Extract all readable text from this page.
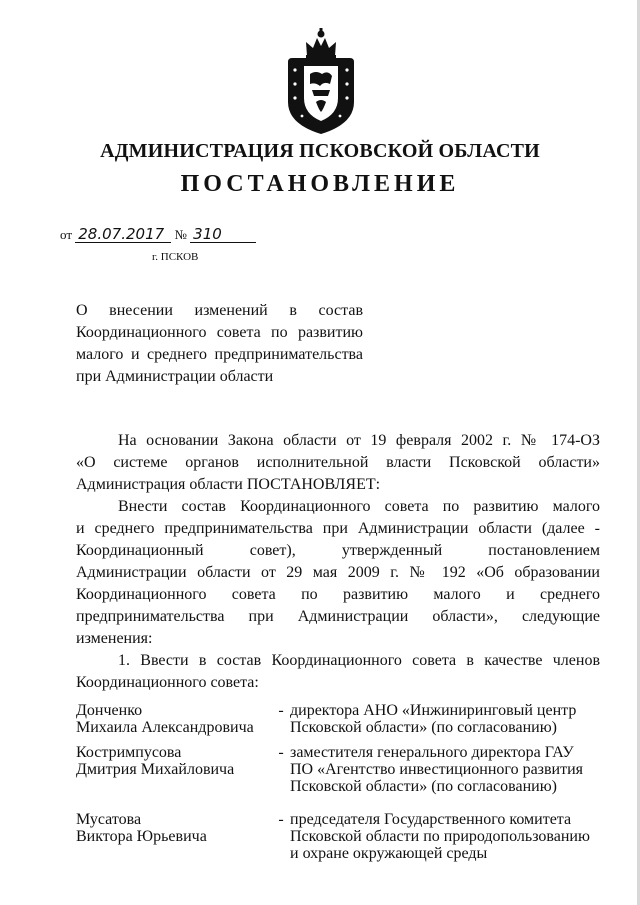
АДМИНИСТРАЦИЯ ПСКОВСКОЙ ОБЛАСТИ
ПОСТАНОВЛЕНИЕ
от 28.07.2017 № 310
г. ПСКОВ
О внесении изменений в состав
Координационного совета по развитию
малого и среднего предпринимательства
при Администрации области
На основании Закона области от 19 февраля 2002 г. № 174-ОЗ
«О системе органов исполнительной власти Псковской области»
Администрация области ПОСТАНОВЛЯЕТ:
Внести состав Координационного совета по развитию малого
и среднего предпринимательства при Администрации области (далее -
Координационный совет), утвержденный постановлением
Администрации области от 29 мая 2009 г. № 192 «Об образовании
Координационного совета по развитию малого и среднего
предпринимательства при Администрации области», следующие
изменения:
1. Ввести в состав Координационного совета в качестве членов
Координационного совета:
Донченко
Михаила Александровича
- директора АНО «Инжиниринговый центр
Псковской области» (по согласованию)
Костримпусова
Дмитрия Михайловича
- заместителя генерального директора ГАУ
ПО «Агентство инвестиционного развития
Псковской области» (по согласованию)
Мусатова
Виктора Юрьевича
- председателя Государственного комитета
Псковской области по природопользованию
и охране окружающей среды
